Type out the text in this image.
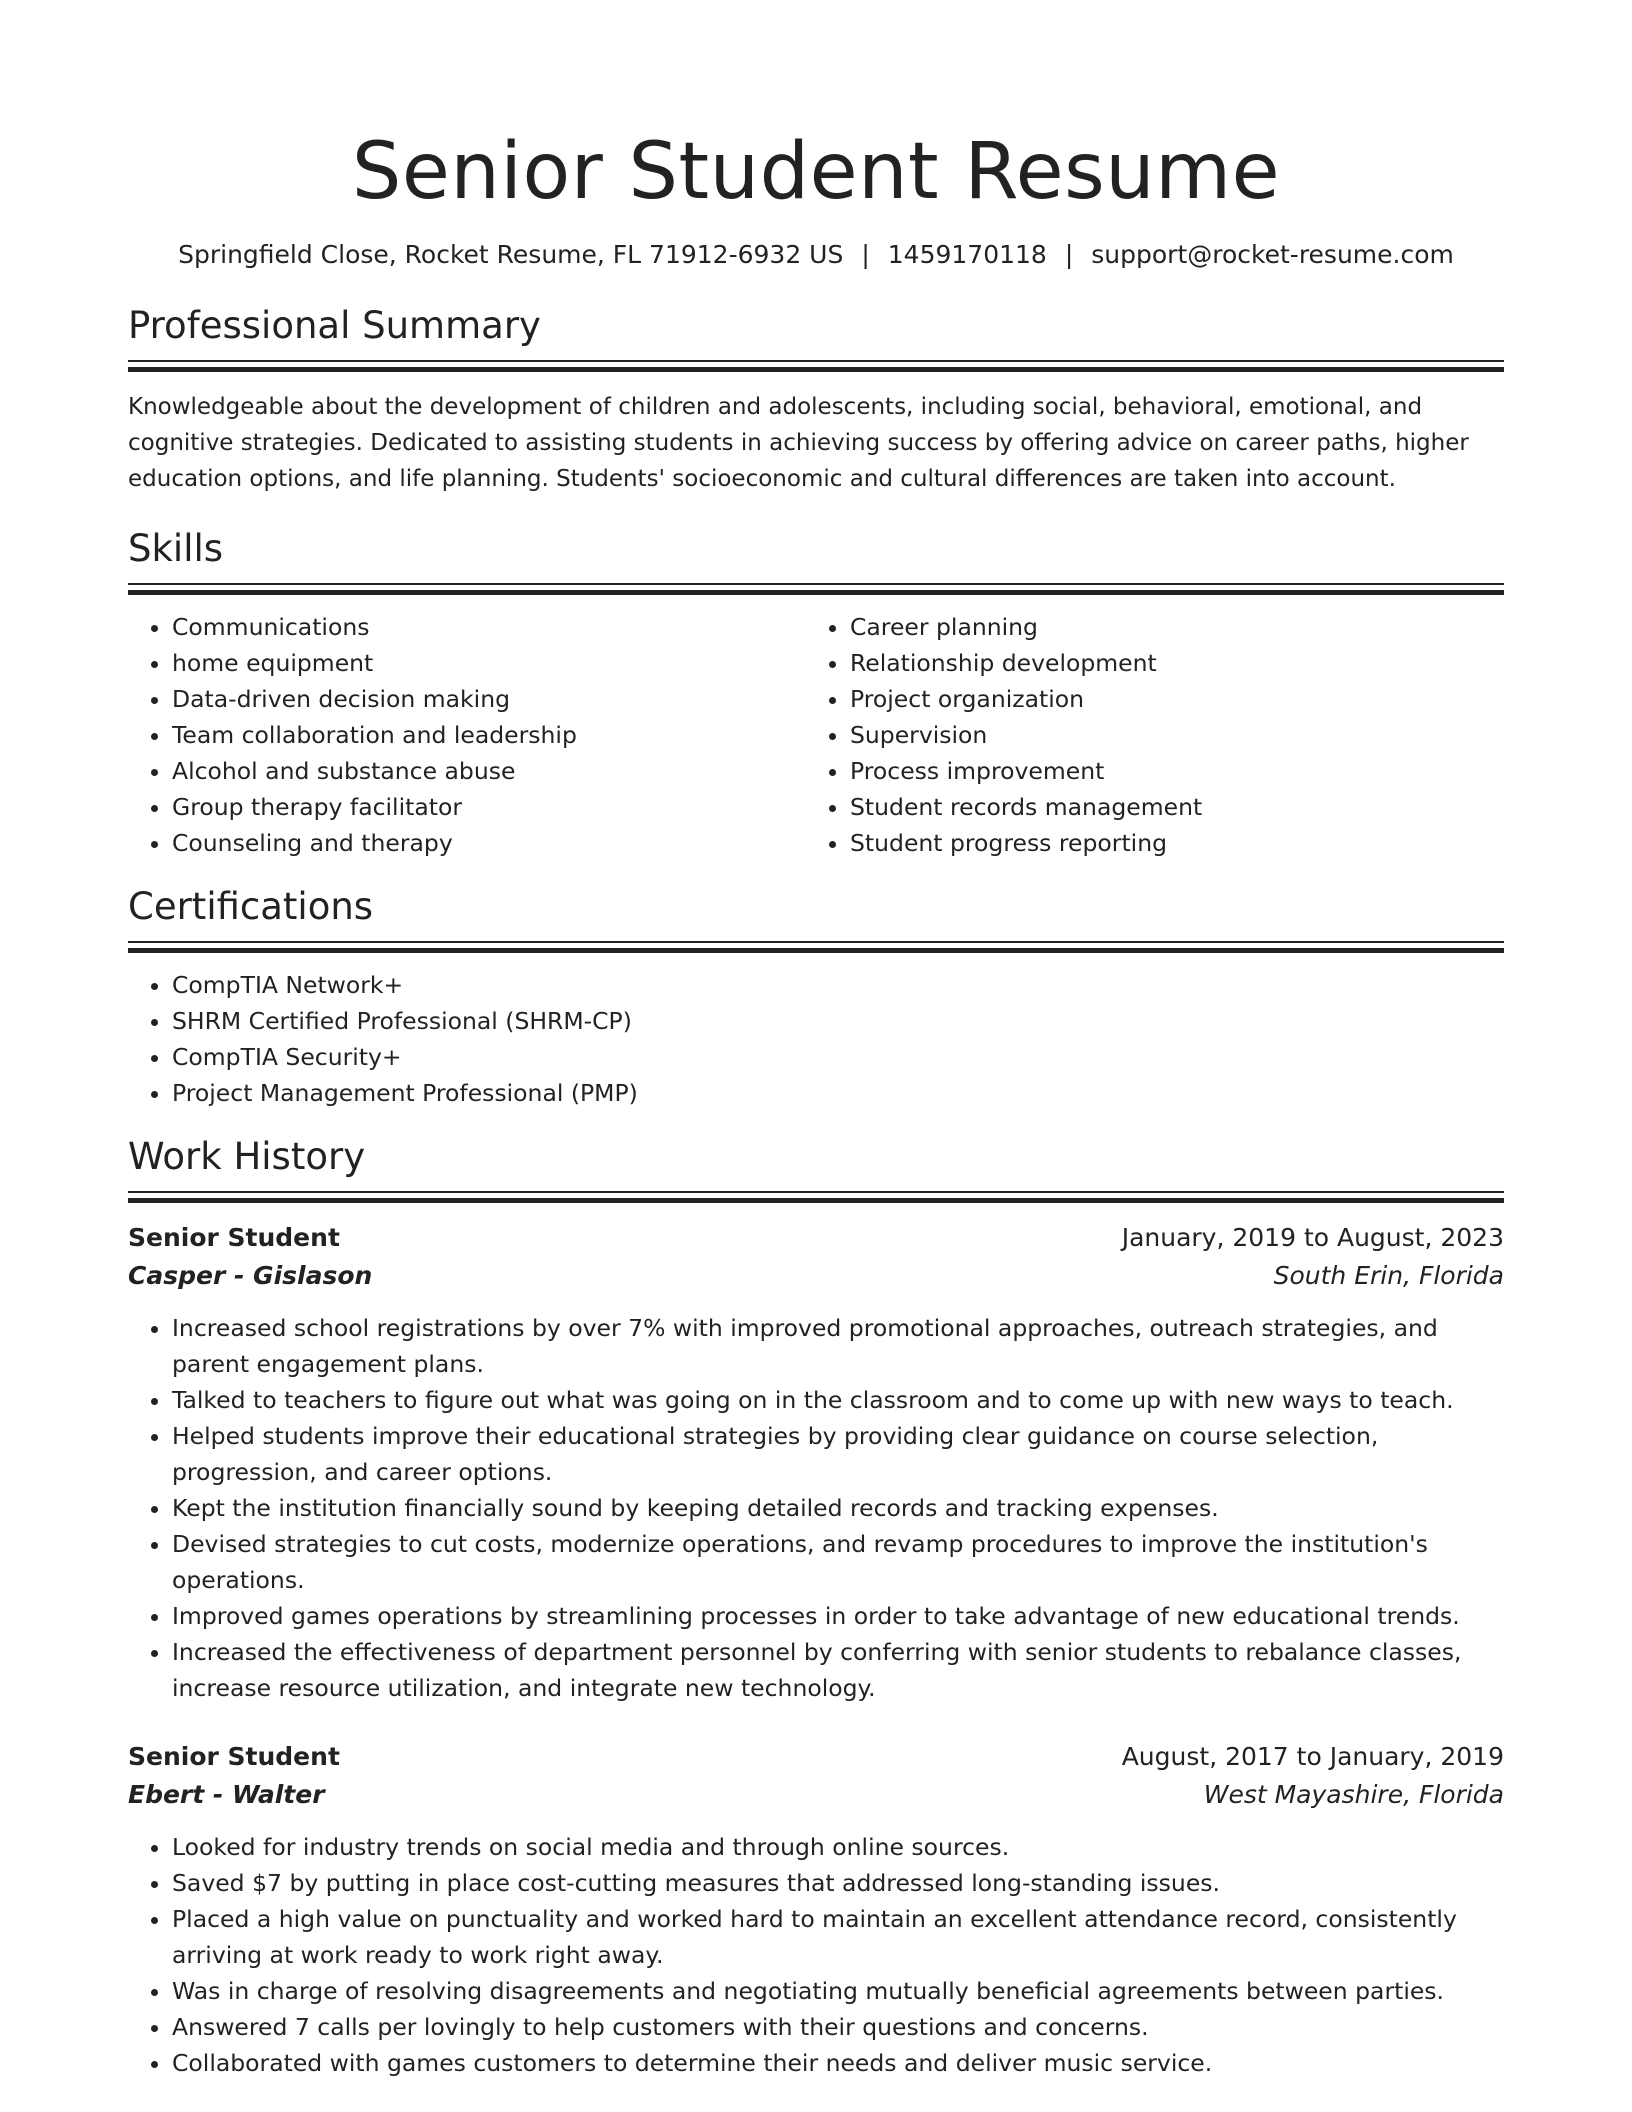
Senior Student Resume
Springfield Close, Rocket Resume, FL 71912-6932 US | 1459170118 | support@rocket-resume.com
Professional Summary

Knowledgeable about the development of children and adolescents, including social, behavioral, emotional, and cognitive strategies. Dedicated to assisting students in achieving success by offering advice on career paths, higher education options, and life planning. Students' socioeconomic and cultural differences are taken into account.

Skills
• Communications
• home equipment
• Data-driven decision making
• Team collaboration and leadership
• Alcohol and substance abuse
• Group therapy facilitator
• Counseling and therapy
• Career planning
• Relationship development
• Project organization
• Supervision
• Process improvement
• Student records management
• Student progress reporting
Certifications
• CompTIA Network+
• SHRM Certified Professional (SHRM-CP)
• CompTIA Security+
• Project Management Professional (PMP)
Work History
Senior Student	January, 2019 to August, 2023
Casper - Gislason	South Erin, Florida
• Increased school registrations by over 7% with improved promotional approaches, outreach strategies, and parent engagement plans.
• Talked to teachers to figure out what was going on in the classroom and to come up with new ways to teach.
• Helped students improve their educational strategies by providing clear guidance on course selection, progression, and career options.
• Kept the institution financially sound by keeping detailed records and tracking expenses.
• Devised strategies to cut costs, modernize operations, and revamp procedures to improve the institution's operations.
• Improved games operations by streamlining processes in order to take advantage of new educational trends.
• Increased the effectiveness of department personnel by conferring with senior students to rebalance classes, increase resource utilization, and integrate new technology.
Senior Student	August, 2017 to January, 2019
Ebert - Walter	West Mayashire, Florida
• Looked for industry trends on social media and through online sources.
• Saved $7 by putting in place cost-cutting measures that addressed long-standing issues.
• Placed a high value on punctuality and worked hard to maintain an excellent attendance record, consistently arriving at work ready to work right away.
• Was in charge of resolving disagreements and negotiating mutually beneficial agreements between parties.
• Answered 7 calls per lovingly to help customers with their questions and concerns.
• Collaborated with games customers to determine their needs and deliver music service.
